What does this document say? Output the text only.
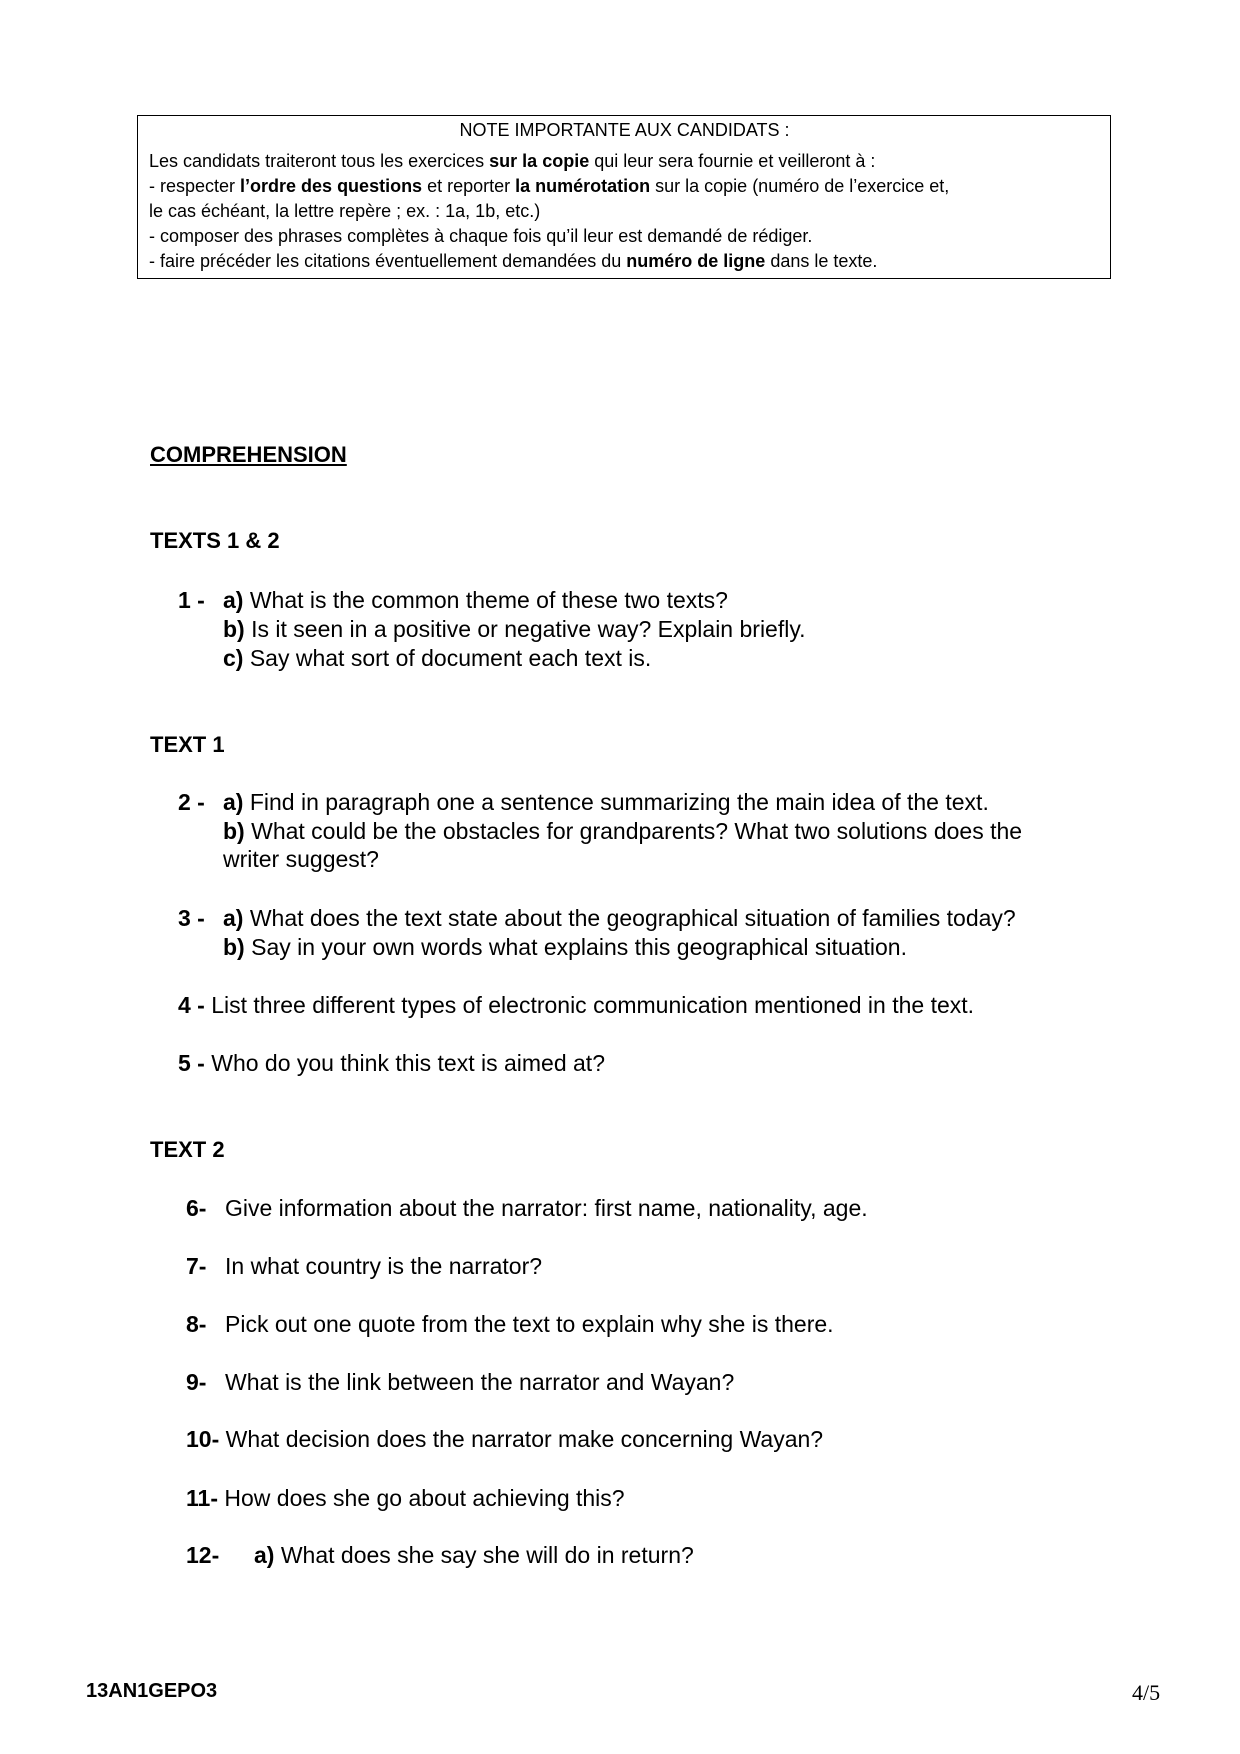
NOTE IMPORTANTE AUX CANDIDATS :
Les candidats traiteront tous les exercices sur la copie qui leur sera fournie et veilleront à :
- respecter l’ordre des questions et reporter la numérotation sur la copie (numéro de l’exercice et,
le cas échéant, la lettre repère ; ex. : 1a, 1b, etc.)
- composer des phrases complètes à chaque fois qu’il leur est demandé de rédiger.
- faire précéder les citations éventuellement demandées du numéro de ligne dans le texte.
COMPREHENSION
TEXTS 1 & 2
1 - a) What is the common theme of these two texts?
b) Is it seen in a positive or negative way? Explain briefly.
c) Say what sort of document each text is.
TEXT 1
2 - a) Find in paragraph one a sentence summarizing the main idea of the text.
b) What could be the obstacles for grandparents? What two solutions does the
writer suggest?
3 - a) What does the text state about the geographical situation of families today?
b) Say in your own words what explains this geographical situation.
4 - List three different types of electronic communication mentioned in the text.
5 - Who do you think this text is aimed at?
TEXT 2
6- Give information about the narrator: first name, nationality, age.
7- In what country is the narrator?
8- Pick out one quote from the text to explain why she is there.
9- What is the link between the narrator and Wayan?
10- What decision does the narrator make concerning Wayan?
11- How does she go about achieving this?
12- a) What does she say she will do in return?
13AN1GEPO3	4/5
